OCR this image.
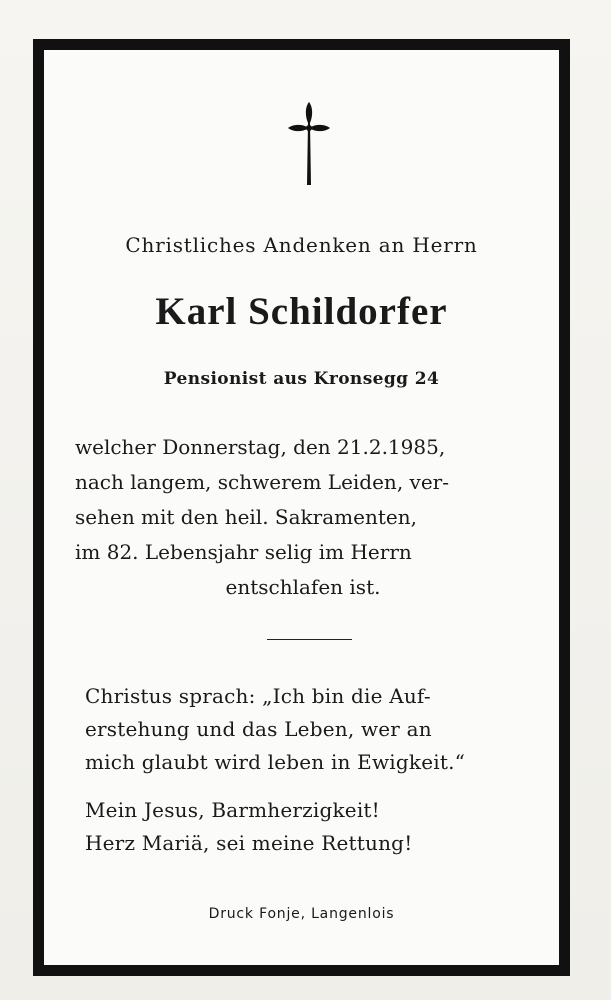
Christliches Andenken an Herrn
Karl Schildorfer
Pensionist aus Kronsegg 24
welcher Donnerstag, den 21.2.1985,
nach langem, schwerem Leiden, ver-
sehen mit den heil. Sakramenten,
im 82. Lebensjahr selig im Herrn
entschlafen ist.
Christus sprach: „Ich bin die Auf-
erstehung und das Leben, wer an
mich glaubt wird leben in Ewigkeit.“
Mein Jesus, Barmherzigkeit!
Herz Mariä, sei meine Rettung!
Druck Fonje, Langenlois
